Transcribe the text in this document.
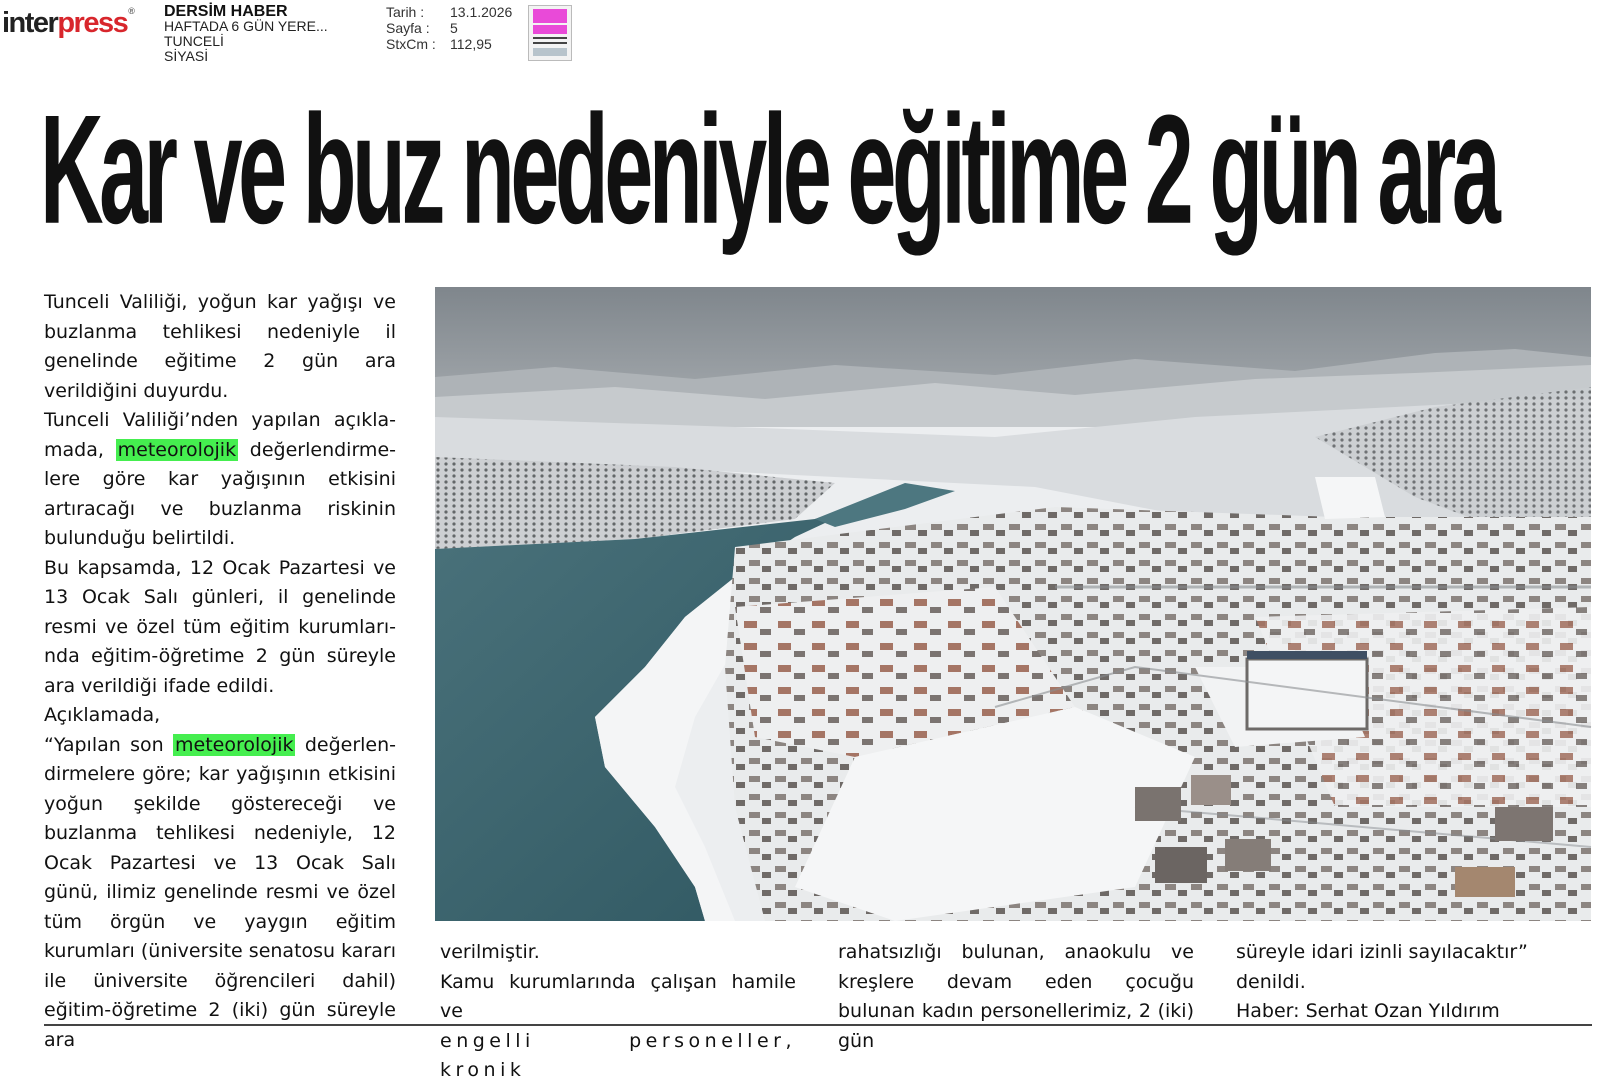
interpress® DERSİM HABER
HAFTADA 6 GÜN YERE...
TUNCELİ
SİYASİ
Tarih : 13.1.2026
Sayfa : 5
StxCm : 112,95
Kar ve buz nedeniyle eğitime 2 gün ara

Tunceli Valiliği, yoğun kar yağışı ve buzlanma tehlikesi nedeniyle il genelinde eğitime 2 gün ara verildiğini duyurdu.

Tunceli Valiliği’nden yapılan açıklamada, meteorolojik değerlendirmelere göre kar yağışının etkisini artıracağı ve buzlanma riskinin bulunduğu belirtildi.

Bu kapsamda, 12 Ocak Pazartesi ve 13 Ocak Salı günleri, il genelinde resmi ve özel tüm eğitim kurumlarında eğitim-öğretime 2 gün süreyle ara verildiği ifade edildi.

Açıklamada,

“Yapılan son meteorolojik değerlendirmelere göre; kar yağışının etkisini yoğun şekilde göstereceği ve buzlanma tehlikesi nedeniyle, 12 Ocak Pazartesi ve 13 Ocak Salı günü, ilimiz genelinde resmi ve özel tüm örgün ve yaygın eğitim kurumları (üniversite senatosu kararı ile üniversite öğrencileri dahil) eğitim-öğretime 2 (iki) gün süreyle ara

verilmiştir.

Kamu kurumlarında çalışan hamile ve

engelli personeller, kronik

rahatsızlığı bulunan, anaokulu ve kreşlere devam eden çocuğu bulunan kadın personellerimiz, 2 (iki) gün

süreyle idari izinli sayılacaktır”

denildi.

Haber: Serhat Ozan Yıldırım
